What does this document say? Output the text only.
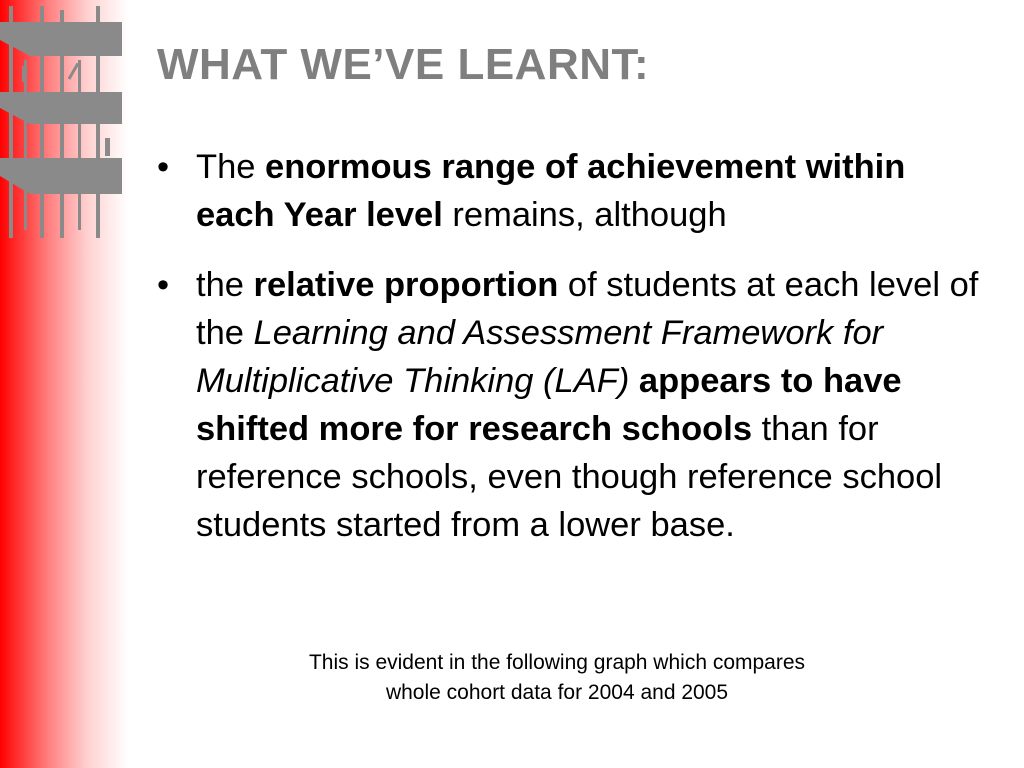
WHAT WE’VE LEARNT:
• The enormous range of achievement within each Year level remains, although
• the relative proportion of students at each level of the Learning and Assessment Framework for Multiplicative Thinking (LAF) appears to have shifted more for research schools than for reference schools, even though reference school students started from a lower base.

This is evident in the following graph which compares
whole cohort data for 2004 and 2005
